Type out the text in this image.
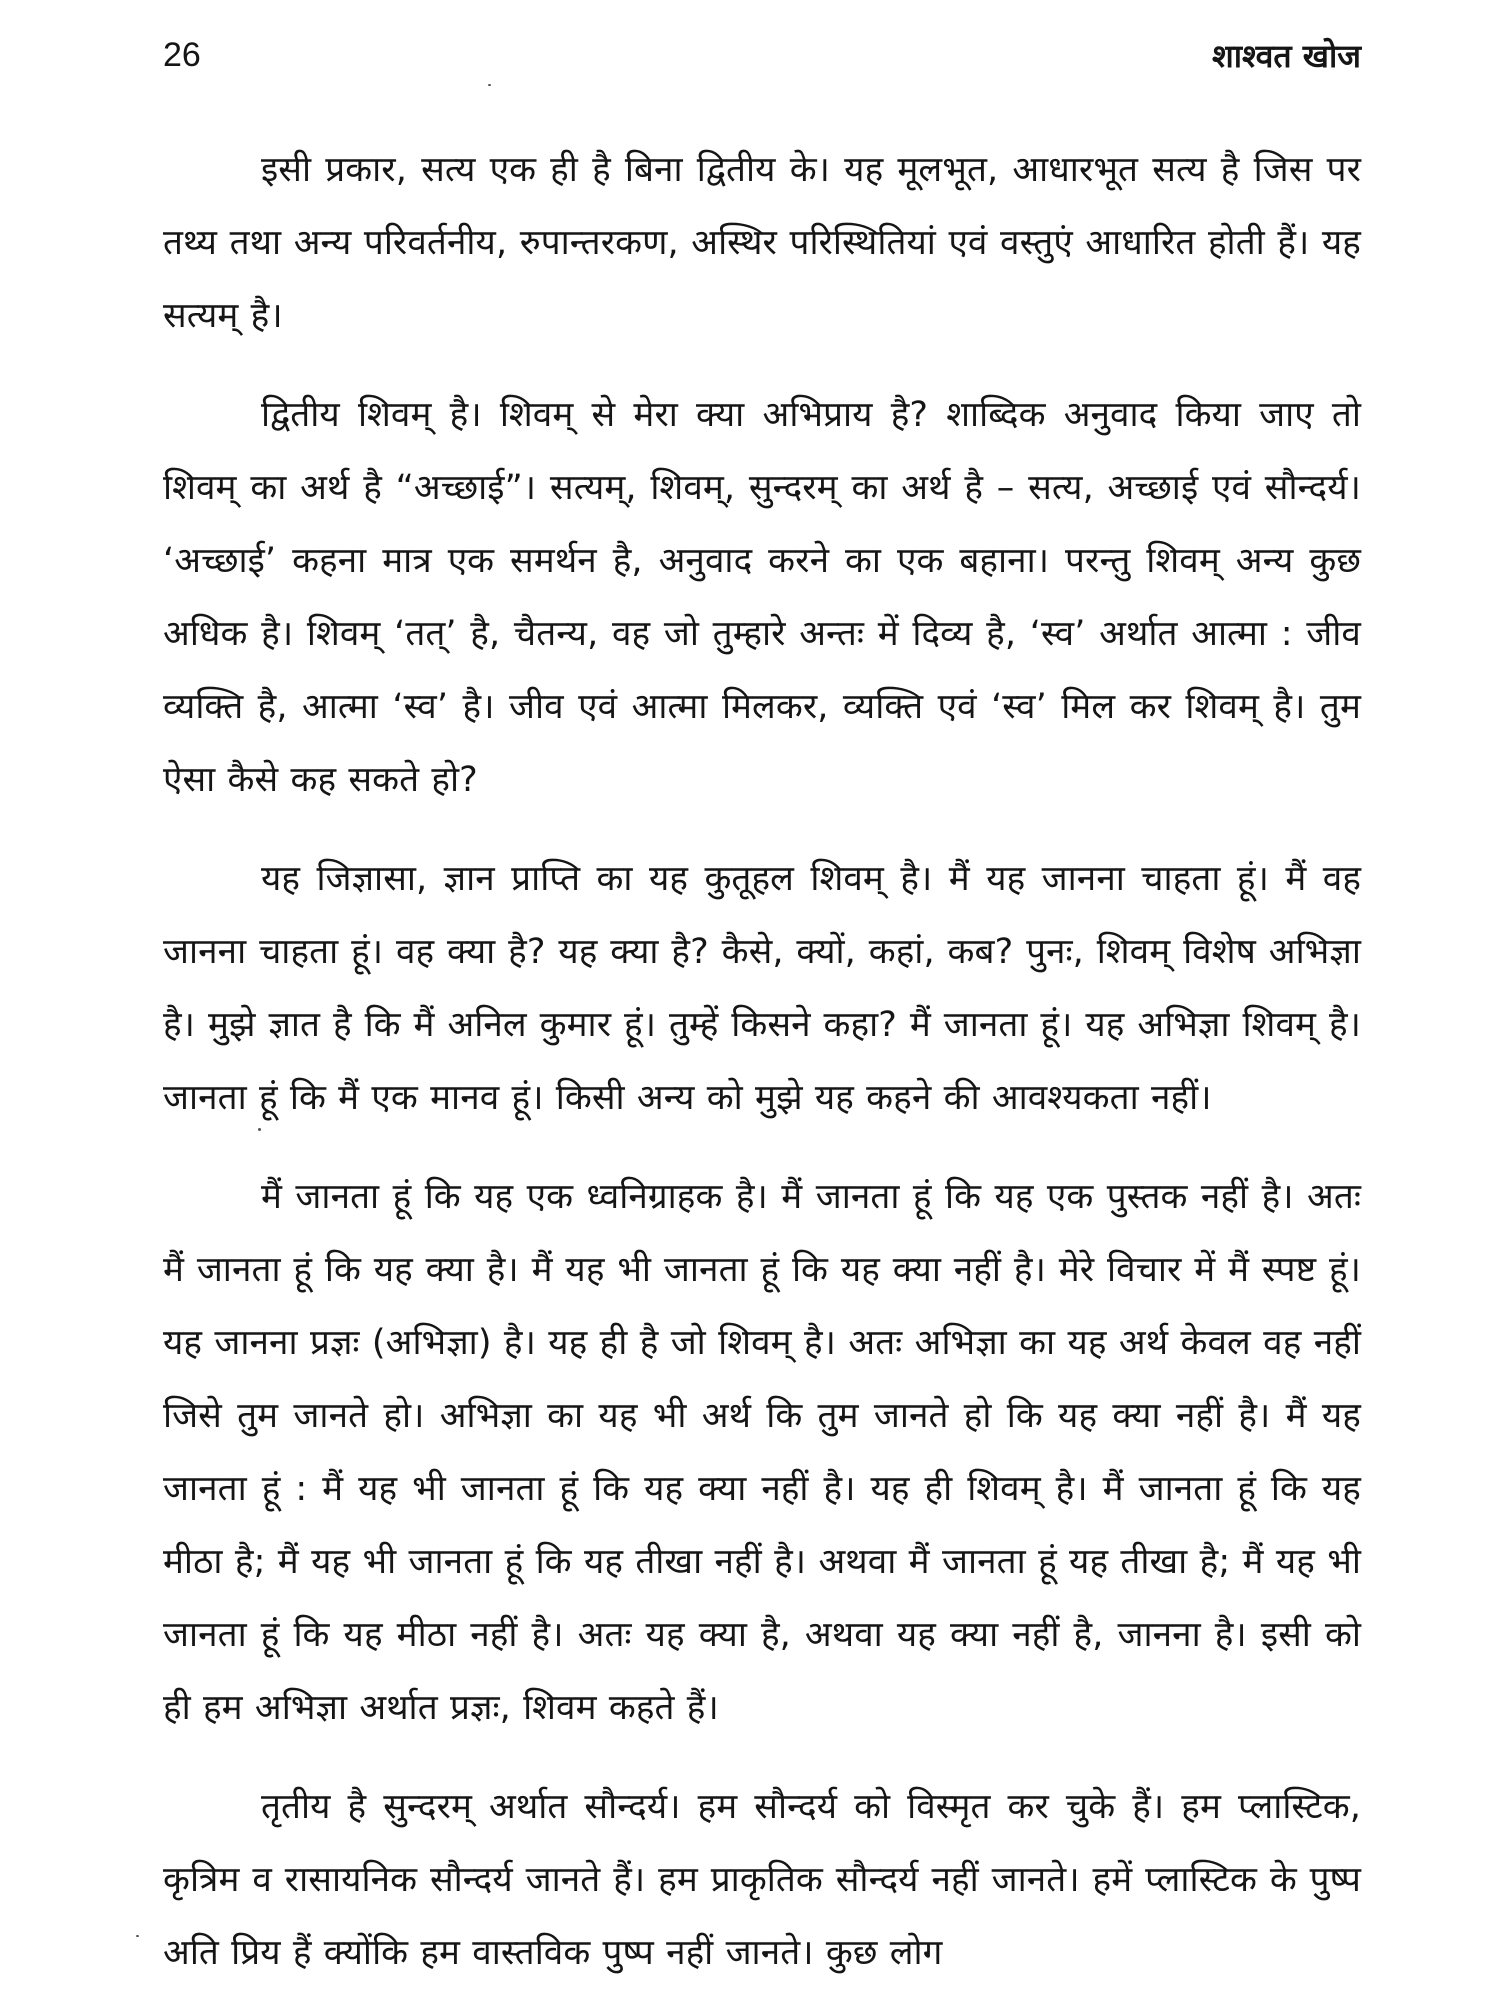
26	शाश्वत खोज

इसी प्रकार, सत्य एक ही है बिना द्वितीय के। यह मूलभूत, आधारभूत सत्य है जिस पर तथ्य तथा अन्य परिवर्तनीय, रुपान्तरकण, अस्थिर परिस्थितियां एवं वस्तुएं आधारित होती हैं। यह सत्यम् है।

द्वितीय शिवम् है। शिवम् से मेरा क्या अभिप्राय है? शाब्दिक अनुवाद किया जाए तो शिवम् का अर्थ है “अच्छाई”। सत्यम्, शिवम्, सुन्दरम् का अर्थ है – सत्य, अच्छाई एवं सौन्दर्य। ‘अच्छाई’ कहना मात्र एक समर्थन है, अनुवाद करने का एक बहाना। परन्तु शिवम् अन्य कुछ अधिक है। शिवम् ‘तत्’ है, चैतन्य, वह जो तुम्हारे अन्तः में दिव्य है, ‘स्व’ अर्थात आत्मा : जीव व्यक्ति है, आत्मा ‘स्व’ है। जीव एवं आत्मा मिलकर, व्यक्ति एवं ‘स्व’ मिल कर शिवम् है। तुम ऐसा कैसे कह सकते हो?

यह जिज्ञासा, ज्ञान प्राप्ति का यह कुतूहल शिवम् है। मैं यह जानना चाहता हूं। मैं वह जानना चाहता हूं। वह क्या है? यह क्या है? कैसे, क्यों, कहां, कब? पुनः, शिवम् विशेष अभिज्ञा है। मुझे ज्ञात है कि मैं अनिल कुमार हूं। तुम्हें किसने कहा? मैं जानता हूं। यह अभिज्ञा शिवम् है। जानता हूं कि मैं एक मानव हूं। किसी अन्य को मुझे यह कहने की आवश्यकता नहीं।

मैं जानता हूं कि यह एक ध्वनिग्राहक है। मैं जानता हूं कि यह एक पुस्तक नहीं है। अतः मैं जानता हूं कि यह क्या है। मैं यह भी जानता हूं कि यह क्या नहीं है। मेरे विचार में मैं स्पष्ट हूं। यह जानना प्रज्ञः (अभिज्ञा) है। यह ही है जो शिवम् है। अतः अभिज्ञा का यह अर्थ केवल वह नहीं जिसे तुम जानते हो। अभिज्ञा का यह भी अर्थ कि तुम जानते हो कि यह क्या नहीं है। मैं यह जानता हूं : मैं यह भी जानता हूं कि यह क्या नहीं है। यह ही शिवम् है। मैं जानता हूं कि यह मीठा है; मैं यह भी जानता हूं कि यह तीखा नहीं है। अथवा मैं जानता हूं यह तीखा है; मैं यह भी जानता हूं कि यह मीठा नहीं है। अतः यह क्या है, अथवा यह क्या नहीं है, जानना है। इसी को ही हम अभिज्ञा अर्थात प्रज्ञः, शिवम कहते हैं।

तृतीय है सुन्दरम् अर्थात सौन्दर्य। हम सौन्दर्य को विस्मृत कर चुके हैं। हम प्लास्टिक, कृत्रिम व रासायनिक सौन्दर्य जानते हैं। हम प्राकृतिक सौन्दर्य नहीं जानते। हमें प्लास्टिक के पुष्प अति प्रिय हैं क्योंकि हम वास्तविक पुष्प नहीं जानते। कुछ लोग
